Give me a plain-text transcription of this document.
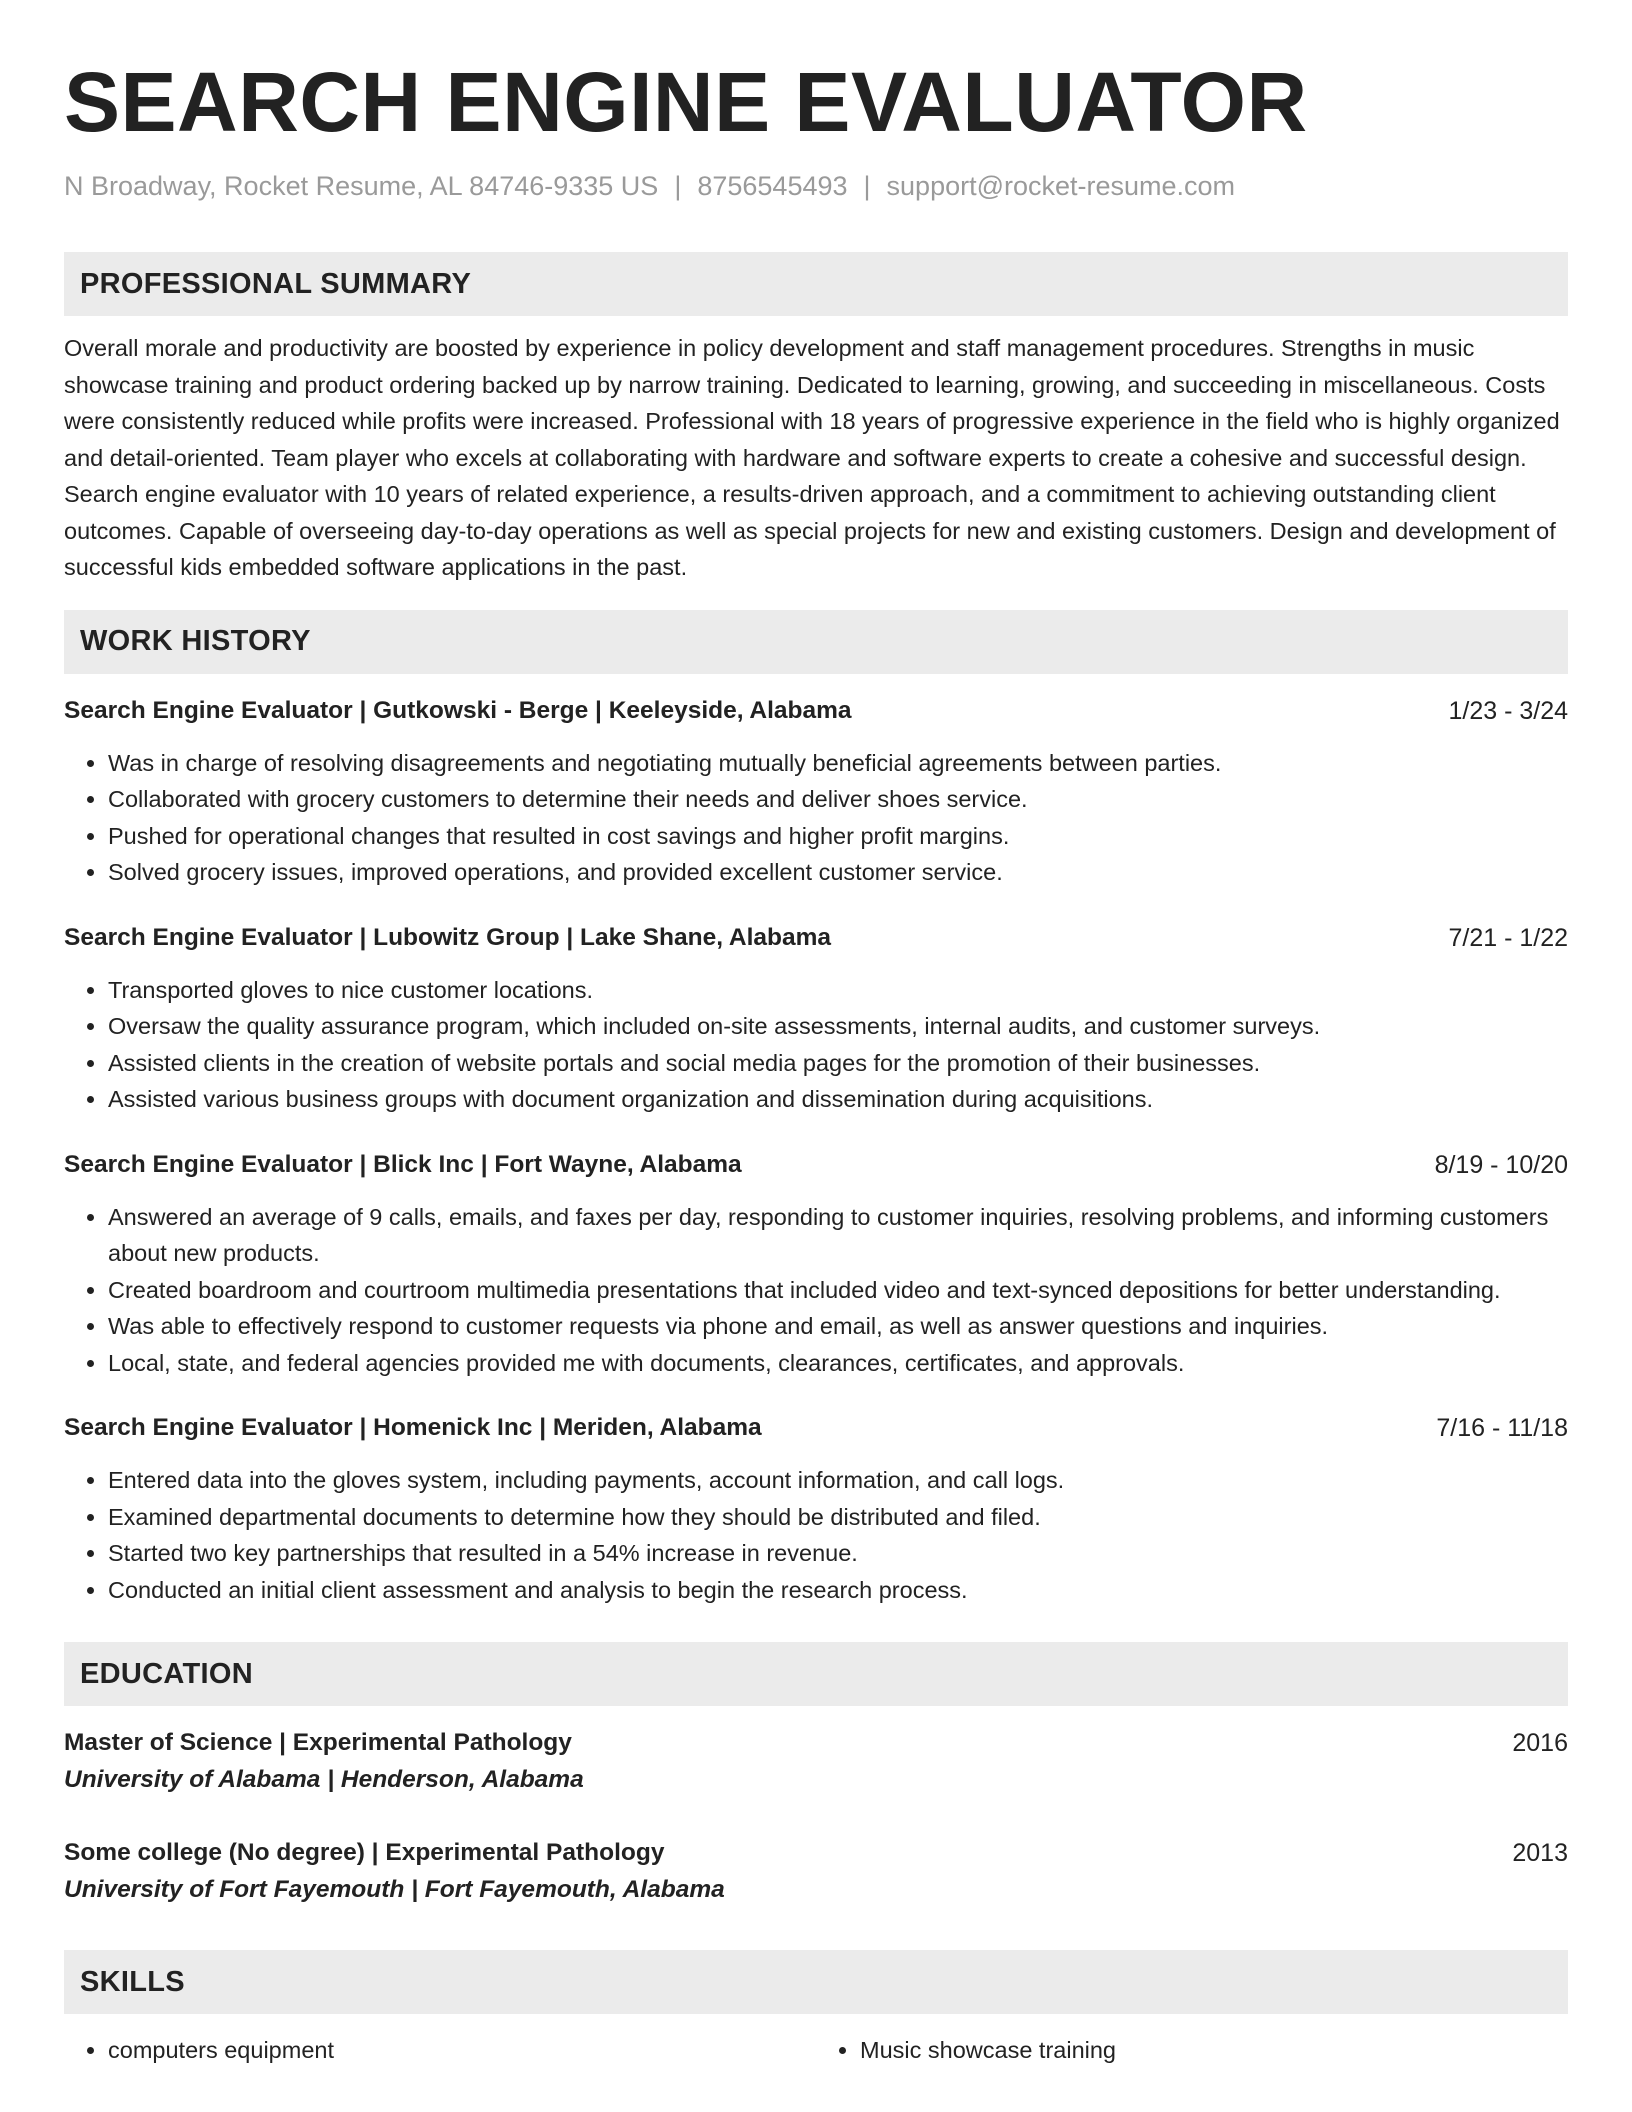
SEARCH ENGINE EVALUATOR
N Broadway, Rocket Resume, AL 84746-9335 US | 8756545493 | support@rocket-resume.com
PROFESSIONAL SUMMARY
Overall morale and productivity are boosted by experience in policy development and staff management procedures. Strengths in music showcase training and product ordering backed up by narrow training. Dedicated to learning, growing, and succeeding in miscellaneous. Costs were consistently reduced while profits were increased. Professional with 18 years of progressive experience in the field who is highly organized and detail-oriented. Team player who excels at collaborating with hardware and software experts to create a cohesive and successful design. Search engine evaluator with 10 years of related experience, a results-driven approach, and a commitment to achieving outstanding client outcomes. Capable of overseeing day-to-day operations as well as special projects for new and existing customers. Design and development of successful kids embedded software applications in the past.
WORK HISTORY
Search Engine Evaluator | Gutkowski - Berge | Keeleyside, Alabama	1/23 - 3/24
• Was in charge of resolving disagreements and negotiating mutually beneficial agreements between parties.
• Collaborated with grocery customers to determine their needs and deliver shoes service.
• Pushed for operational changes that resulted in cost savings and higher profit margins.
• Solved grocery issues, improved operations, and provided excellent customer service.
Search Engine Evaluator | Lubowitz Group | Lake Shane, Alabama	7/21 - 1/22
• Transported gloves to nice customer locations.
• Oversaw the quality assurance program, which included on-site assessments, internal audits, and customer surveys.
• Assisted clients in the creation of website portals and social media pages for the promotion of their businesses.
• Assisted various business groups with document organization and dissemination during acquisitions.
Search Engine Evaluator | Blick Inc | Fort Wayne, Alabama	8/19 - 10/20
• Answered an average of 9 calls, emails, and faxes per day, responding to customer inquiries, resolving problems, and informing customers about new products.
• Created boardroom and courtroom multimedia presentations that included video and text-synced depositions for better understanding.
• Was able to effectively respond to customer requests via phone and email, as well as answer questions and inquiries.
• Local, state, and federal agencies provided me with documents, clearances, certificates, and approvals.
Search Engine Evaluator | Homenick Inc | Meriden, Alabama	7/16 - 11/18
• Entered data into the gloves system, including payments, account information, and call logs.
• Examined departmental documents to determine how they should be distributed and filed.
• Started two key partnerships that resulted in a 54% increase in revenue.
• Conducted an initial client assessment and analysis to begin the research process.
EDUCATION
Master of Science | Experimental Pathology	2016
University of Alabama | Henderson, Alabama
Some college (No degree) | Experimental Pathology	2013
University of Fort Fayemouth | Fort Fayemouth, Alabama
SKILLS
• computers equipment
•	Music showcase training
